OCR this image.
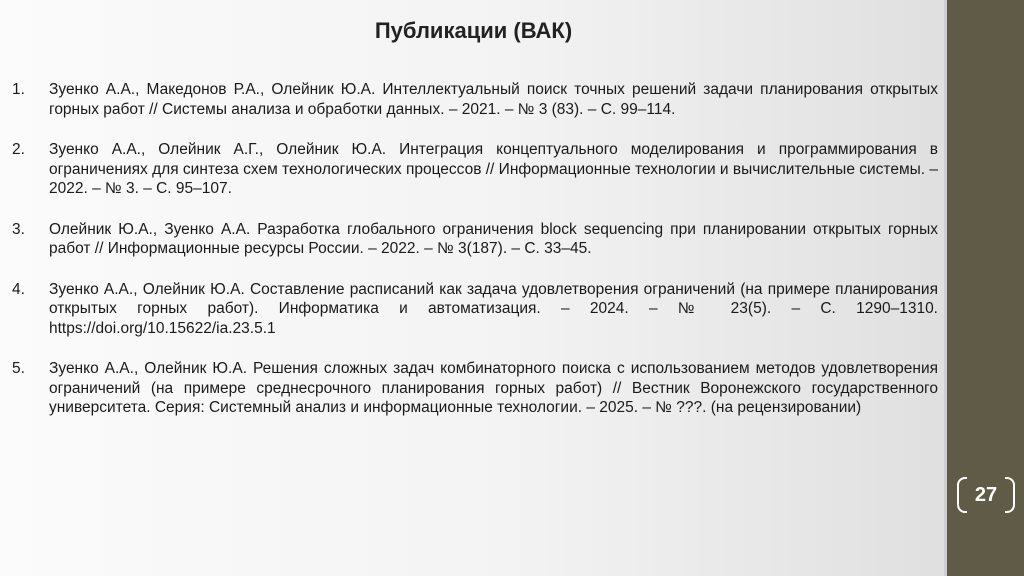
Публикации (ВАК)
1.	Зуенко А.А., Македонов Р.А., Олейник Ю.А. Интеллектуальный поиск точных решений задачи планирования открытых горных работ // Системы анализа и обработки данных. – 2021. – № 3 (83). – С. 99–114.
2.	Зуенко А.А., Олейник А.Г., Олейник Ю.А. Интеграция концептуального моделирования и программирования в ограничениях для синтеза схем технологических процессов // Информационные технологии и вычислительные системы. – 2022. – № 3. – С. 95–107.
3.	Олейник Ю.А., Зуенко А.А. Разработка глобального ограничения block sequencing при планировании открытых горных работ // Информационные ресурсы России. – 2022. – № 3(187). – С. 33–45.
4.	Зуенко А.А., Олейник Ю.А. Составление расписаний как задача удовлетворения ограничений (на примере планирования открытых горных работ). Информатика и автоматизация. – 2024. – № 23(5). – С. 1290–1310. https://doi.org/10.15622/ia.23.5.1
5.	Зуенко А.А., Олейник Ю.А. Решения сложных задач комбинаторного поиска с использованием методов удовлетворения ограничений (на примере среднесрочного планирования горных работ) // Вестник Воронежского государственного университета. Серия: Системный анализ и информационные технологии. – 2025. – № ???. (на рецензировании)
27
